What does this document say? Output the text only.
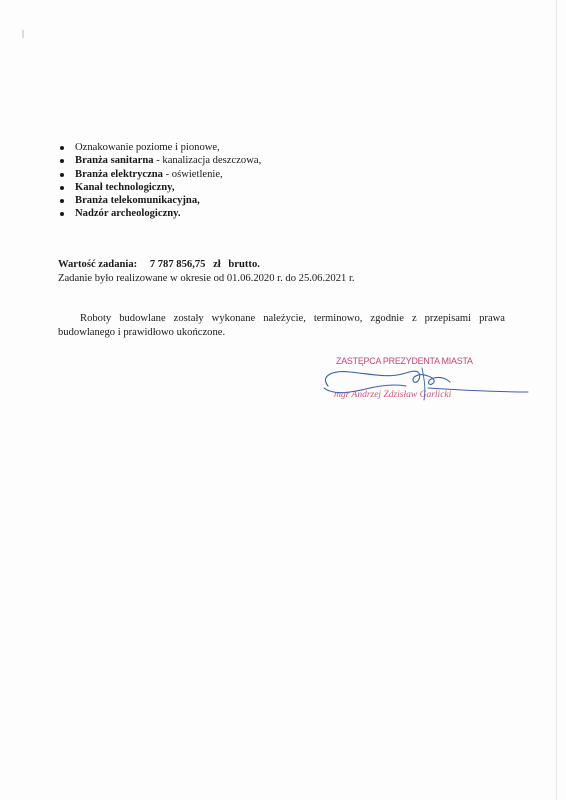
Oznakowanie poziome i pionowe,
Branża sanitarna - kanalizacja deszczowa,
Branża elektryczna - oświetlenie,
Kanał technologiczny,
Branża telekomunikacyjna,
Nadzór archeologiczny.
Wartość zadania: 7 787 856,75 zł brutto.
Zadanie było realizowane w okresie od 01.06.2020 r. do 25.06.2021 r.
Roboty budowlane zostały wykonane należycie, terminowo, zgodnie z przepisami prawa budowlanego i prawidłowo ukończone.
ZASTĘPCA PREZYDENTA MIASTA
mgr Andrzej Zdzisław Garlicki
